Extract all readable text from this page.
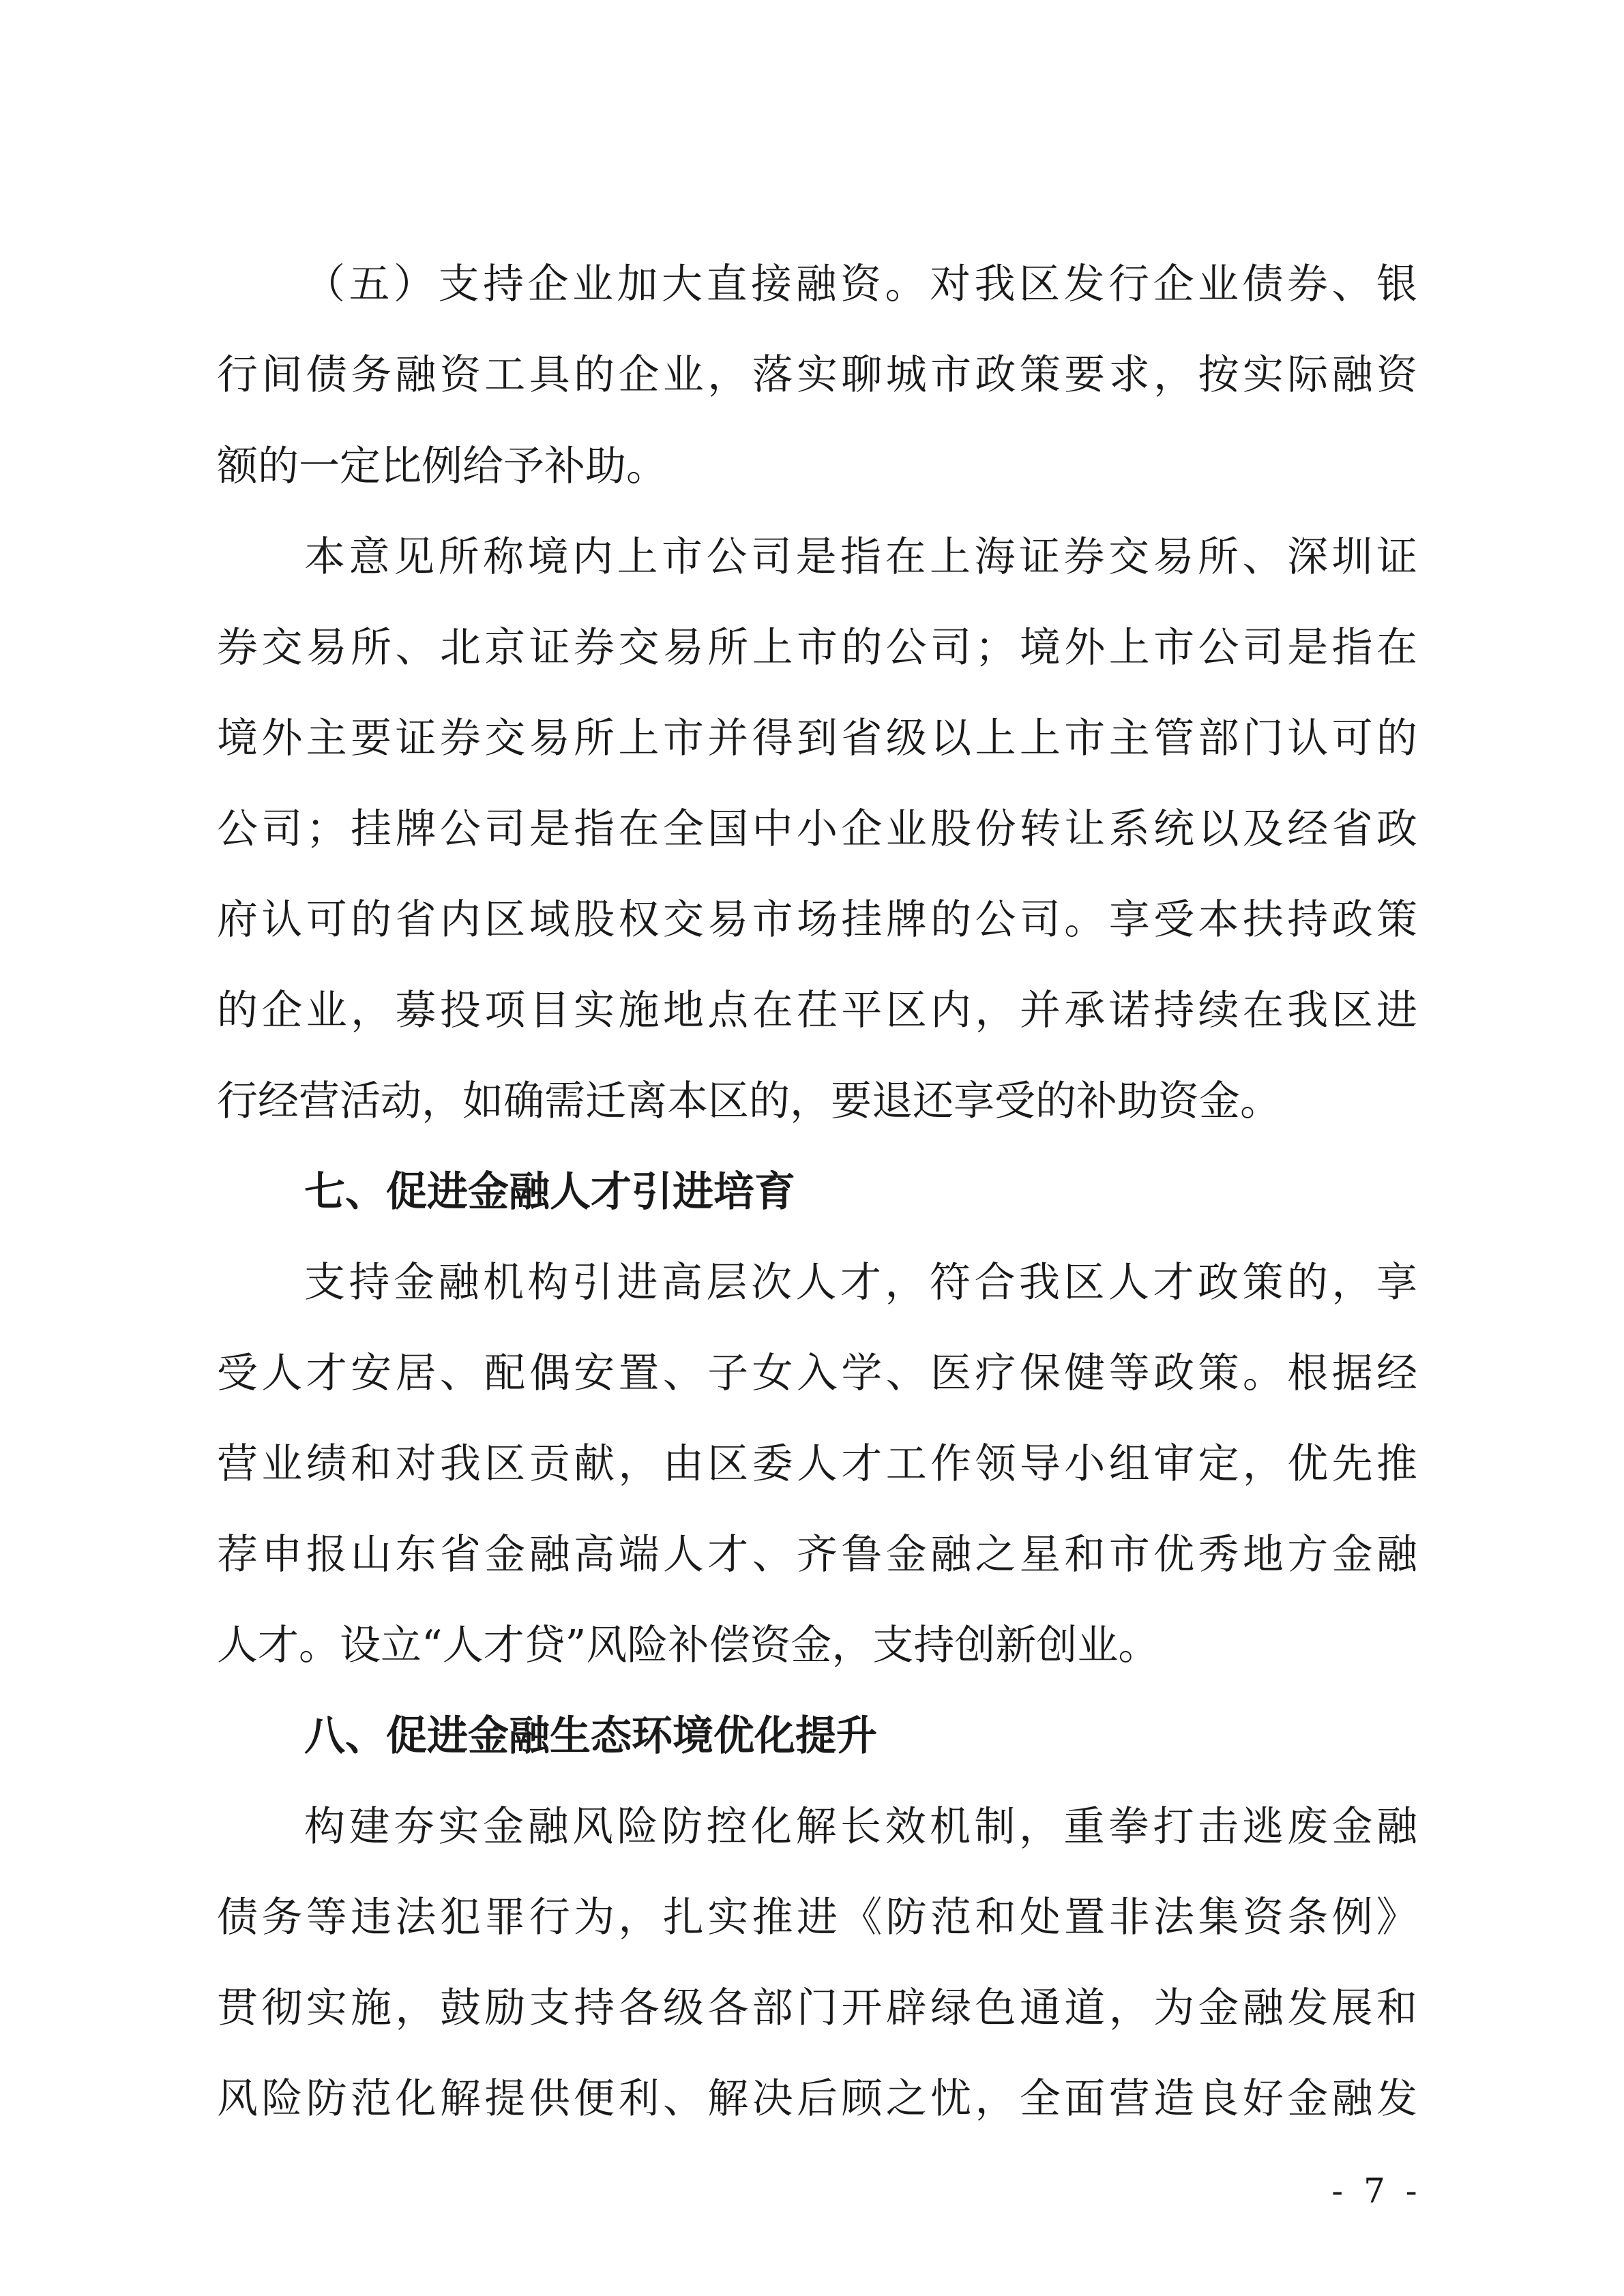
（五）支持企业加大直接融资。对我区发行企业债券、银
行间债务融资工具的企业，落实聊城市政策要求，按实际融资
额的一定比例给予补助。
本意见所称境内上市公司是指在上海证券交易所、深圳证
券交易所、北京证券交易所上市的公司；境外上市公司是指在
境外主要证券交易所上市并得到省级以上上市主管部门认可的
公司；挂牌公司是指在全国中小企业股份转让系统以及经省政
府认可的省内区域股权交易市场挂牌的公司。享受本扶持政策
的企业，募投项目实施地点在茌平区内，并承诺持续在我区进
行经营活动，如确需迁离本区的，要退还享受的补助资金。
七、促进金融人才引进培育
支持金融机构引进高层次人才，符合我区人才政策的，享
受人才安居、配偶安置、子女入学、医疗保健等政策。根据经
营业绩和对我区贡献，由区委人才工作领导小组审定，优先推
荐申报山东省金融高端人才、齐鲁金融之星和市优秀地方金融
人才。设立“人才贷”风险补偿资金，支持创新创业。
八、促进金融生态环境优化提升
构建夯实金融风险防控化解长效机制，重拳打击逃废金融
债务等违法犯罪行为，扎实推进《防范和处置非法集资条例》
贯彻实施，鼓励支持各级各部门开辟绿色通道，为金融发展和
风险防范化解提供便利、解决后顾之忧，全面营造良好金融发
- 7 -
